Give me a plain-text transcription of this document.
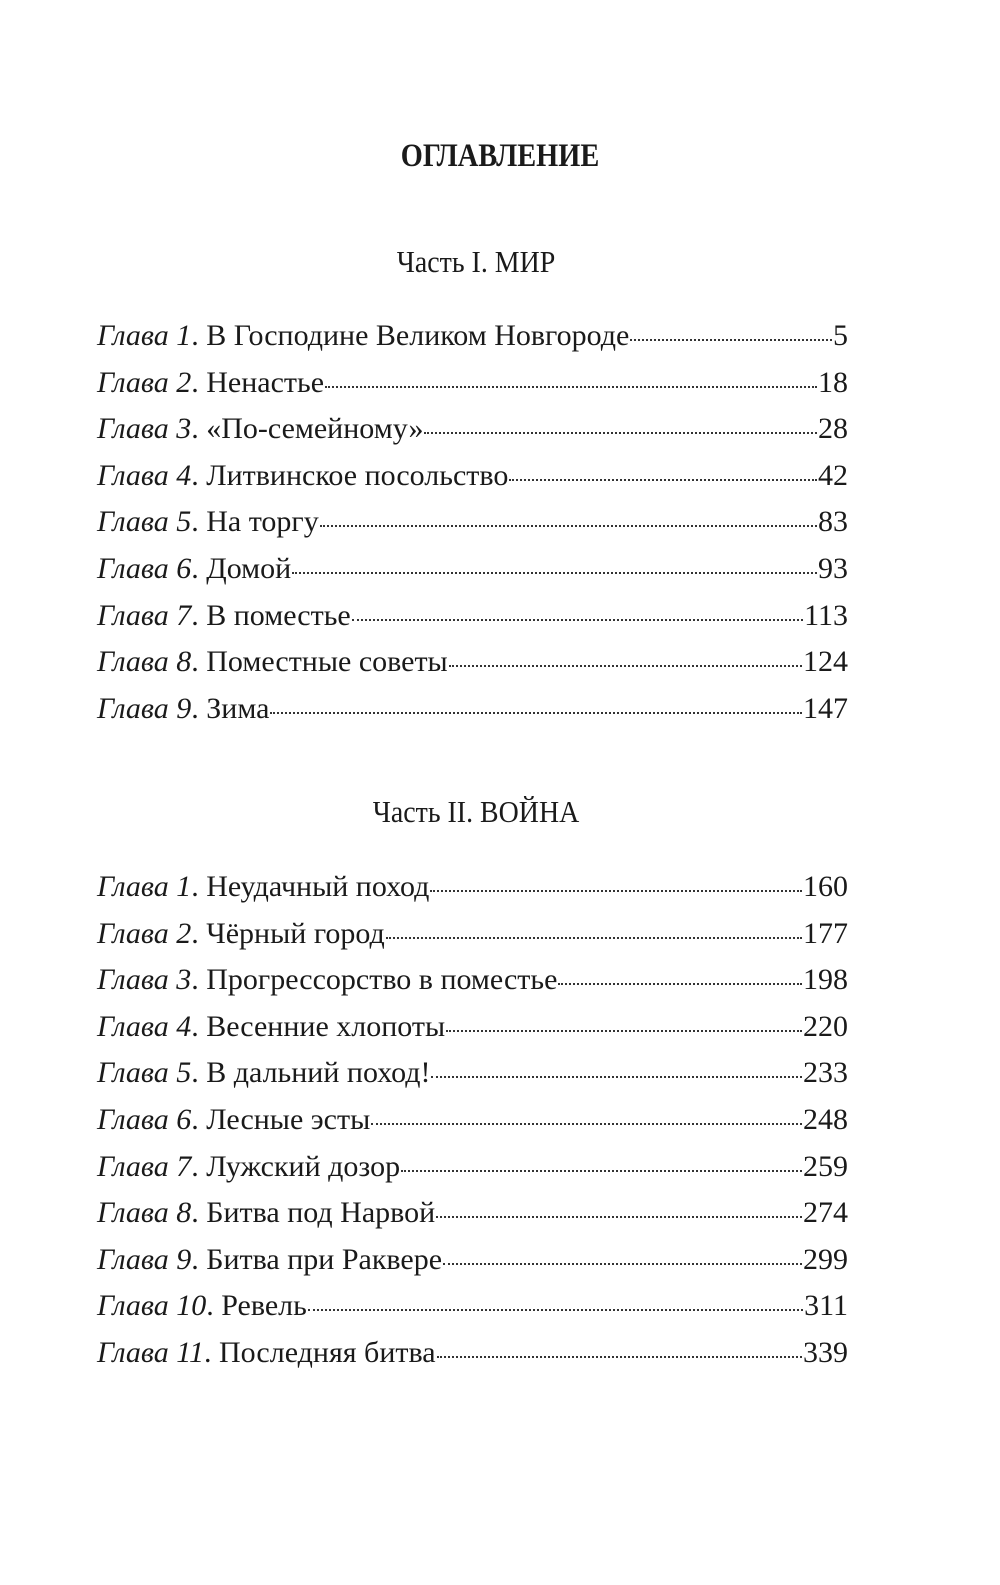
ОГЛАВЛЕНИЕ
Часть I. МИР
Глава 1 . В Господине Великом Новгороде	5
Глава 2 . Ненастье	18
Глава 3 . «По-семейному»	28
Глава 4 . Литвинское посольство	42
Глава 5 . На торгу	83
Глава 6 . Домой	93
Глава 7 . В поместье	113
Глава 8 . Поместные советы	124
Глава 9 . Зима	147
Часть II. ВОЙНА
Глава 1 . Неудачный поход	160
Глава 2 . Чёрный город	177
Глава 3 . Прогрессорство в поместье	198
Глава 4 . Весенние хлопоты	220
Глава 5 . В дальний поход!	233
Глава 6 . Лесные эсты	248
Глава 7 . Лужский дозор	259
Глава 8 . Битва под Нарвой	274
Глава 9 . Битва при Раквере	299
Глава 10 . Ревель	311
Глава 11 . Последняя битва	339
